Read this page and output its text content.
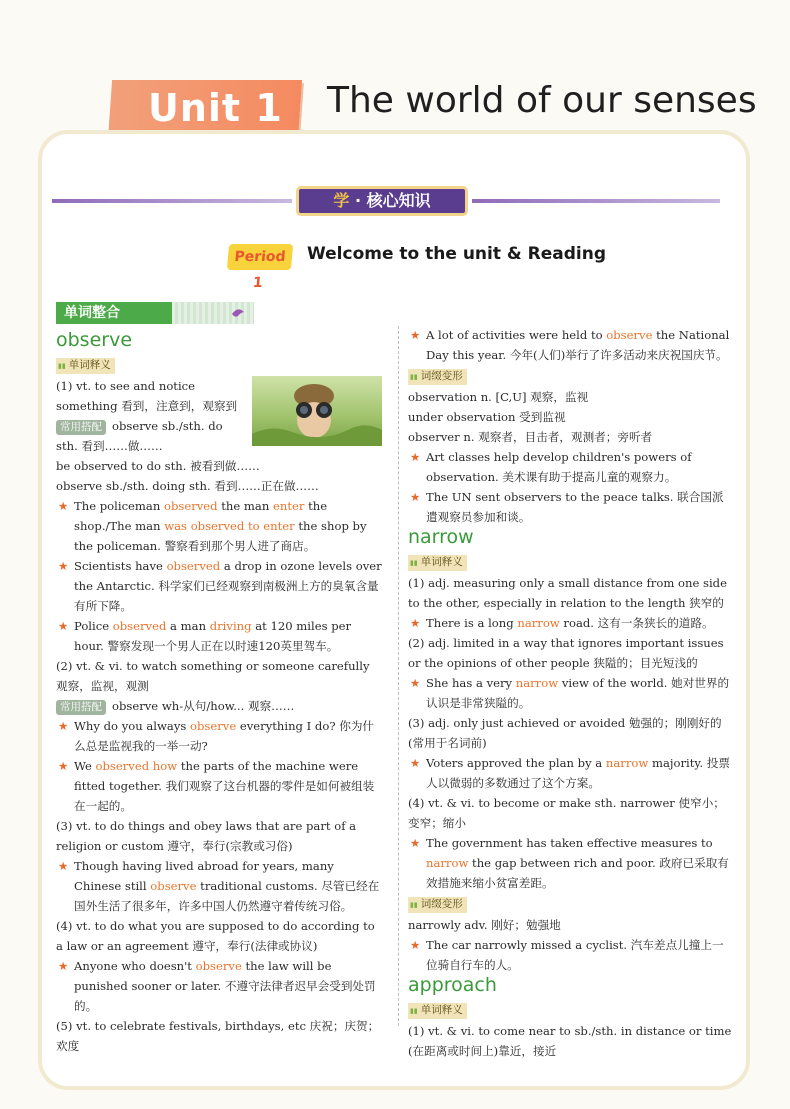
Unit 1 The world of our senses
学 · 核心知识
Period 1
Welcome to the unit & Reading
单词整合
observe
▮▮ 单词释义
(1) vt. to see and notice something 看到，注意到，观察到
常用搭配 observe sb./sth. do sth. 看到……做……
be observed to do sth. 被看到做……
observe sb./sth. doing sth. 看到……正在做……
★ The policeman observed the man enter the shop./The man was observed to enter the shop by the policeman. 警察看到那个男人进了商店。
★ Scientists have observed a drop in ozone levels over the Antarctic. 科学家们已经观察到南极洲上方的臭氧含量有所下降。
★ Police observed a man driving at 120 miles per hour. 警察发现一个男人正在以时速120英里驾车。
(2) vt. & vi. to watch something or someone carefully 观察，监视，观测
常用搭配 observe wh-从句/how... 观察……
★ Why do you always observe everything I do? 你为什么总是监视我的一举一动?
★ We observed how the parts of the machine were fitted together. 我们观察了这台机器的零件是如何被组装在一起的。
(3) vt. to do things and obey laws that are part of a religion or custom 遵守，奉行(宗教或习俗)
★ Though having lived abroad for years, many Chinese still observe traditional customs. 尽管已经在国外生活了很多年，许多中国人仍然遵守着传统习俗。
(4) vt. to do what you are supposed to do according to a law or an agreement 遵守，奉行(法律或协议)
★ Anyone who doesn't observe the law will be punished sooner or later. 不遵守法律者迟早会受到处罚的。
(5) vt. to celebrate festivals, birthdays, etc 庆祝；庆贺；欢度
★ A lot of activities were held to observe the National Day this year. 今年(人们)举行了许多活动来庆祝国庆节。
▮▮ 词缀变形
observation n. [C,U] 观察，监视
under observation 受到监视
observer n. 观察者，目击者，观测者；旁听者
★ Art classes help develop children's powers of observation. 美术课有助于提高儿童的观察力。
★ The UN sent observers to the peace talks. 联合国派遣观察员参加和谈。
narrow
▮▮ 单词释义
(1) adj. measuring only a small distance from one side to the other, especially in relation to the length 狭窄的
★ There is a long narrow road. 这有一条狭长的道路。
(2) adj. limited in a way that ignores important issues or the opinions of other people 狭隘的；目光短浅的
★ She has a very narrow view of the world. 她对世界的认识是非常狭隘的。
(3) adj. only just achieved or avoided 勉强的；刚刚好的(常用于名词前)
★ Voters approved the plan by a narrow majority. 投票人以微弱的多数通过了这个方案。
(4) vt. & vi. to become or make sth. narrower 使窄小；变窄；缩小
★ The government has taken effective measures to narrow the gap between rich and poor. 政府已采取有效措施来缩小贫富差距。
▮▮ 词缀变形
narrowly adv. 刚好；勉强地
★ The car narrowly missed a cyclist. 汽车差点儿撞上一位骑自行车的人。
approach
▮▮ 单词释义
(1) vt. & vi. to come near to sb./sth. in distance or time (在距离或时间上)靠近，接近
